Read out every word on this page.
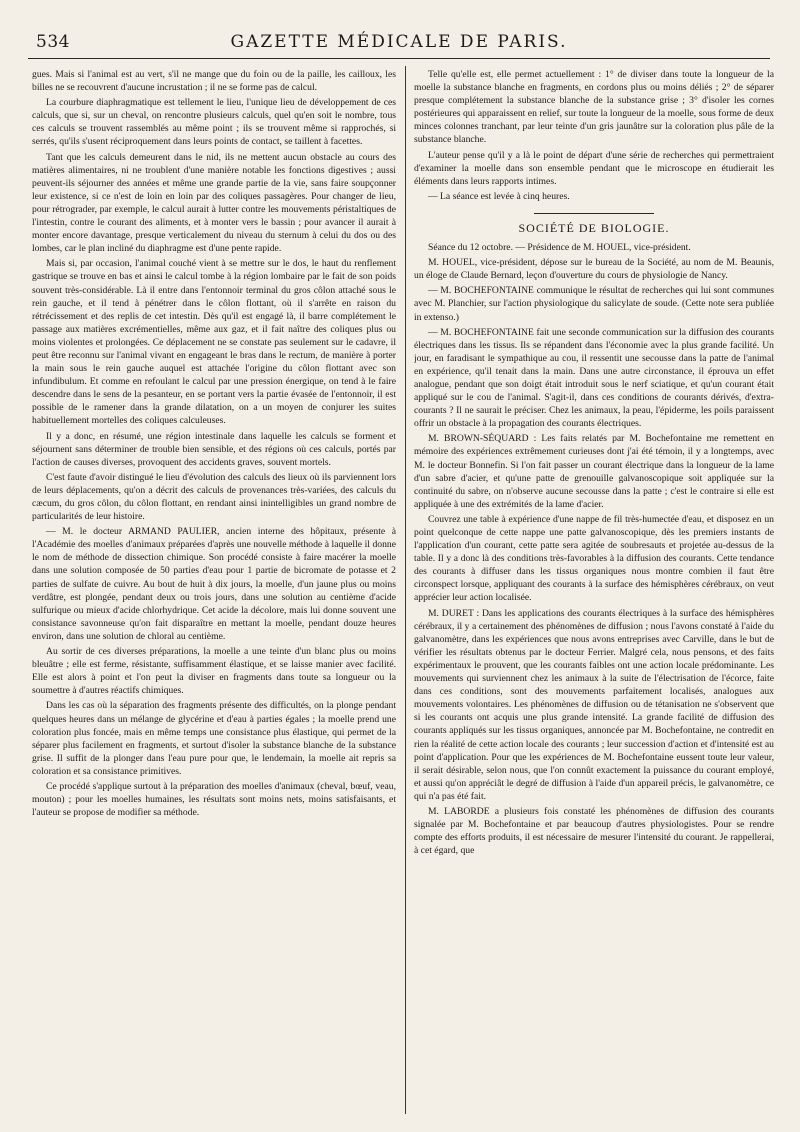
534	GAZETTE MÉDICALE DE PARIS.

gues. Mais si l'animal est au vert, s'il ne mange que du foin ou de la paille, les cailloux, les billes ne se recouvrent d'aucune incrustation ; il ne se forme pas de calcul.

La courbure diaphragmatique est tellement le lieu, l'unique lieu de développement de ces calculs, que si, sur un cheval, on rencontre plusieurs calculs, quel qu'en soit le nombre, tous ces calculs se trouvent rassemblés au même point ; ils se trouvent même si rapprochés, si serrés, qu'ils s'usent réciproquement dans leurs points de contact, se taillent à facettes.

Tant que les calculs demeurent dans le nid, ils ne mettent aucun obstacle au cours des matières alimentaires, ni ne troublent d'une manière notable les fonctions digestives ; aussi peuvent-ils séjourner des années et même une grande partie de la vie, sans faire soupçonner leur existence, si ce n'est de loin en loin par des coliques passagères. Pour changer de lieu, pour rétrograder, par exemple, le calcul aurait à lutter contre les mouvements péristaltiques de l'intestin, contre le courant des aliments, et à monter vers le bassin ; pour avancer il aurait à monter encore davantage, presque verticalement du niveau du sternum à celui du dos ou des lombes, car le plan incliné du diaphragme est d'une pente rapide.

Mais si, par occasion, l'animal couché vient à se mettre sur le dos, le haut du renflement gastrique se trouve en bas et ainsi le calcul tombe à la région lombaire par le fait de son poids souvent très-considérable. Là il entre dans l'entonnoir terminal du gros côlon attaché sous le rein gauche, et il tend à pénétrer dans le côlon flottant, où il s'arrête en raison du rétrécissement et des replis de cet intestin. Dès qu'il est engagé là, il barre complétement le passage aux matières excrémentielles, même aux gaz, et il fait naître des coliques plus ou moins violentes et prolongées. Ce déplacement ne se constate pas seulement sur le cadavre, il peut être reconnu sur l'animal vivant en engageant le bras dans le rectum, de manière à porter la main sous le rein gauche auquel est attachée l'origine du côlon flottant avec son infundibulum. Et comme en refoulant le calcul par une pression énergique, on tend à le faire descendre dans le sens de la pesanteur, en se portant vers la partie évasée de l'entonnoir, il est possible de le ramener dans la grande dilatation, on a un moyen de conjurer les suites habituellement mortelles des coliques calculeuses.

Il y a donc, en résumé, une région intestinale dans laquelle les calculs se forment et séjournent sans déterminer de trouble bien sensible, et des régions où ces calculs, portés par l'action de causes diverses, provoquent des accidents graves, souvent mortels.

C'est faute d'avoir distingué le lieu d'évolution des calculs des lieux où ils parviennent lors de leurs déplacements, qu'on a décrit des calculs de provenances très-variées, des calculs du cæcum, du gros côlon, du côlon flottant, en rendant ainsi inintelligibles un grand nombre de particularités de leur histoire.

— M. le docteur ARMAND PAULIER, ancien interne des hôpitaux, présente à l'Académie des moelles d'animaux préparées d'après une nouvelle méthode à laquelle il donne le nom de méthode de dissection chimique. Son procédé consiste à faire macérer la moelle dans une solution composée de 50 parties d'eau pour 1 partie de bicromate de potasse et 2 parties de sulfate de cuivre. Au bout de huit à dix jours, la moelle, d'un jaune plus ou moins verdâtre, est plongée, pendant deux ou trois jours, dans une solution au centième d'acide sulfurique ou mieux d'acide chlorhydrique. Cet acide la décolore, mais lui donne souvent une consistance savonneuse qu'on fait disparaître en mettant la moelle, pendant douze heures environ, dans une solution de chloral au centième.

Au sortir de ces diverses préparations, la moelle a une teinte d'un blanc plus ou moins bleuâtre ; elle est ferme, résistante, suffisamment élastique, et se laisse manier avec facilité. Elle est alors à point et l'on peut la diviser en fragments dans toute sa longueur ou la soumettre à d'autres réactifs chimiques.

Dans les cas où la séparation des fragments présente des difficultés, on la plonge pendant quelques heures dans un mélange de glycérine et d'eau à parties égales ; la moelle prend une coloration plus foncée, mais en même temps une consistance plus élastique, qui permet de la séparer plus facilement en fragments, et surtout d'isoler la substance blanche de la substance grise. Il suffit de la plonger dans l'eau pure pour que, le lendemain, la moelle ait repris sa coloration et sa consistance primitives.

Ce procédé s'applique surtout à la préparation des moelles d'animaux (cheval, bœuf, veau, mouton) ; pour les moelles humaines, les résultats sont moins nets, moins satisfaisants, et l'auteur se propose de modifier sa méthode.

Telle qu'elle est, elle permet actuellement : 1° de diviser dans toute la longueur de la moelle la substance blanche en fragments, en cordons plus ou moins déliés ; 2° de séparer presque complétement la substance blanche de la substance grise ; 3° d'isoler les cornes postérieures qui apparaissent en relief, sur toute la longueur de la moelle, sous forme de deux minces colonnes tranchant, par leur teinte d'un gris jaunâtre sur la coloration plus pâle de la substance blanche.

L'auteur pense qu'il y a là le point de départ d'une série de recherches qui permettraient d'examiner la moelle dans son ensemble pendant que le microscope en étudierait les éléments dans leurs rapports intimes.

— La séance est levée à cinq heures.

SOCIÉTÉ DE BIOLOGIE.

Séance du 12 octobre. — Présidence de M. HOUEL, vice-président.

M. HOUEL, vice-président, dépose sur le bureau de la Société, au nom de M. Beaunis, un éloge de Claude Bernard, leçon d'ouverture du cours de physiologie de Nancy.

— M. BOCHEFONTAINE communique le résultat de recherches qui lui sont communes avec M. Planchier, sur l'action physiologique du salicylate de soude. (Cette note sera publiée in extenso.)

— M. BOCHEFONTAINE fait une seconde communication sur la diffusion des courants électriques dans les tissus. Ils se répandent dans l'économie avec la plus grande facilité. Un jour, en faradisant le sympathique au cou, il ressentit une secousse dans la patte de l'animal en expérience, qu'il tenait dans la main. Dans une autre circonstance, il éprouva un effet analogue, pendant que son doigt était introduit sous le nerf sciatique, et qu'un courant était appliqué sur le cou de l'animal. S'agit-il, dans ces conditions de courants dérivés, d'extra-courants ? Il ne saurait le préciser. Chez les animaux, la peau, l'épiderme, les poils paraissent offrir un obstacle à la propagation des courants électriques.

M. BROWN-SÉQUARD : Les faits relatés par M. Bochefontaine me remettent en mémoire des expériences extrêmement curieuses dont j'ai été témoin, il y a longtemps, avec M. le docteur Bonnefin. Si l'on fait passer un courant électrique dans la longueur de la lame d'un sabre d'acier, et qu'une patte de grenouille galvanoscopique soit appliquée sur la continuité du sabre, on n'observe aucune secousse dans la patte ; c'est le contraire si elle est appliquée à une des extrémités de la lame d'acier.

Couvrez une table à expérience d'une nappe de fil très-humectée d'eau, et disposez en un point quelconque de cette nappe une patte galvanoscopique, dès les premiers instants de l'application d'un courant, cette patte sera agitée de soubresauts et projetée au-dessus de la table. Il y a donc là des conditions très-favorables à la diffusion des courants. Cette tendance des courants à diffuser dans les tissus organiques nous montre combien il faut être circonspect lorsque, appliquant des courants à la surface des hémisphères cérébraux, on veut apprécier leur action localisée.

M. DURET : Dans les applications des courants électriques à la surface des hémisphères cérébraux, il y a certainement des phénomènes de diffusion ; nous l'avons constaté à l'aide du galvanomètre, dans les expériences que nous avons entreprises avec Carville, dans le but de vérifier les résultats obtenus par le docteur Ferrier. Malgré cela, nous pensons, et des faits expérimentaux le prouvent, que les courants faibles ont une action locale prédominante. Les mouvements qui surviennent chez les animaux à la suite de l'électrisation de l'écorce, faite dans ces conditions, sont des mouvements parfaitement localisés, analogues aux mouvements volontaires. Les phénomènes de diffusion ou de tétanisation ne s'observent que si les courants ont acquis une plus grande intensité. La grande facilité de diffusion des courants appliqués sur les tissus organiques, annoncée par M. Bochefontaine, ne contredit en rien la réalité de cette action locale des courants ; leur succession d'action et d'intensité est au point d'application. Pour que les expériences de M. Bochefontaine eussent toute leur valeur, il serait désirable, selon nous, que l'on connût exactement la puissance du courant employé, et aussi qu'on appréciât le degré de diffusion à l'aide d'un appareil précis, le galvanomètre, ce qui n'a pas été fait.

M. LABORDE a plusieurs fois constaté les phénomènes de diffusion des courants signalée par M. Bochefontaine et par beaucoup d'autres physiologistes. Pour se rendre compte des efforts produits, il est nécessaire de mesurer l'intensité du courant. Je rappellerai, à cet égard, que
